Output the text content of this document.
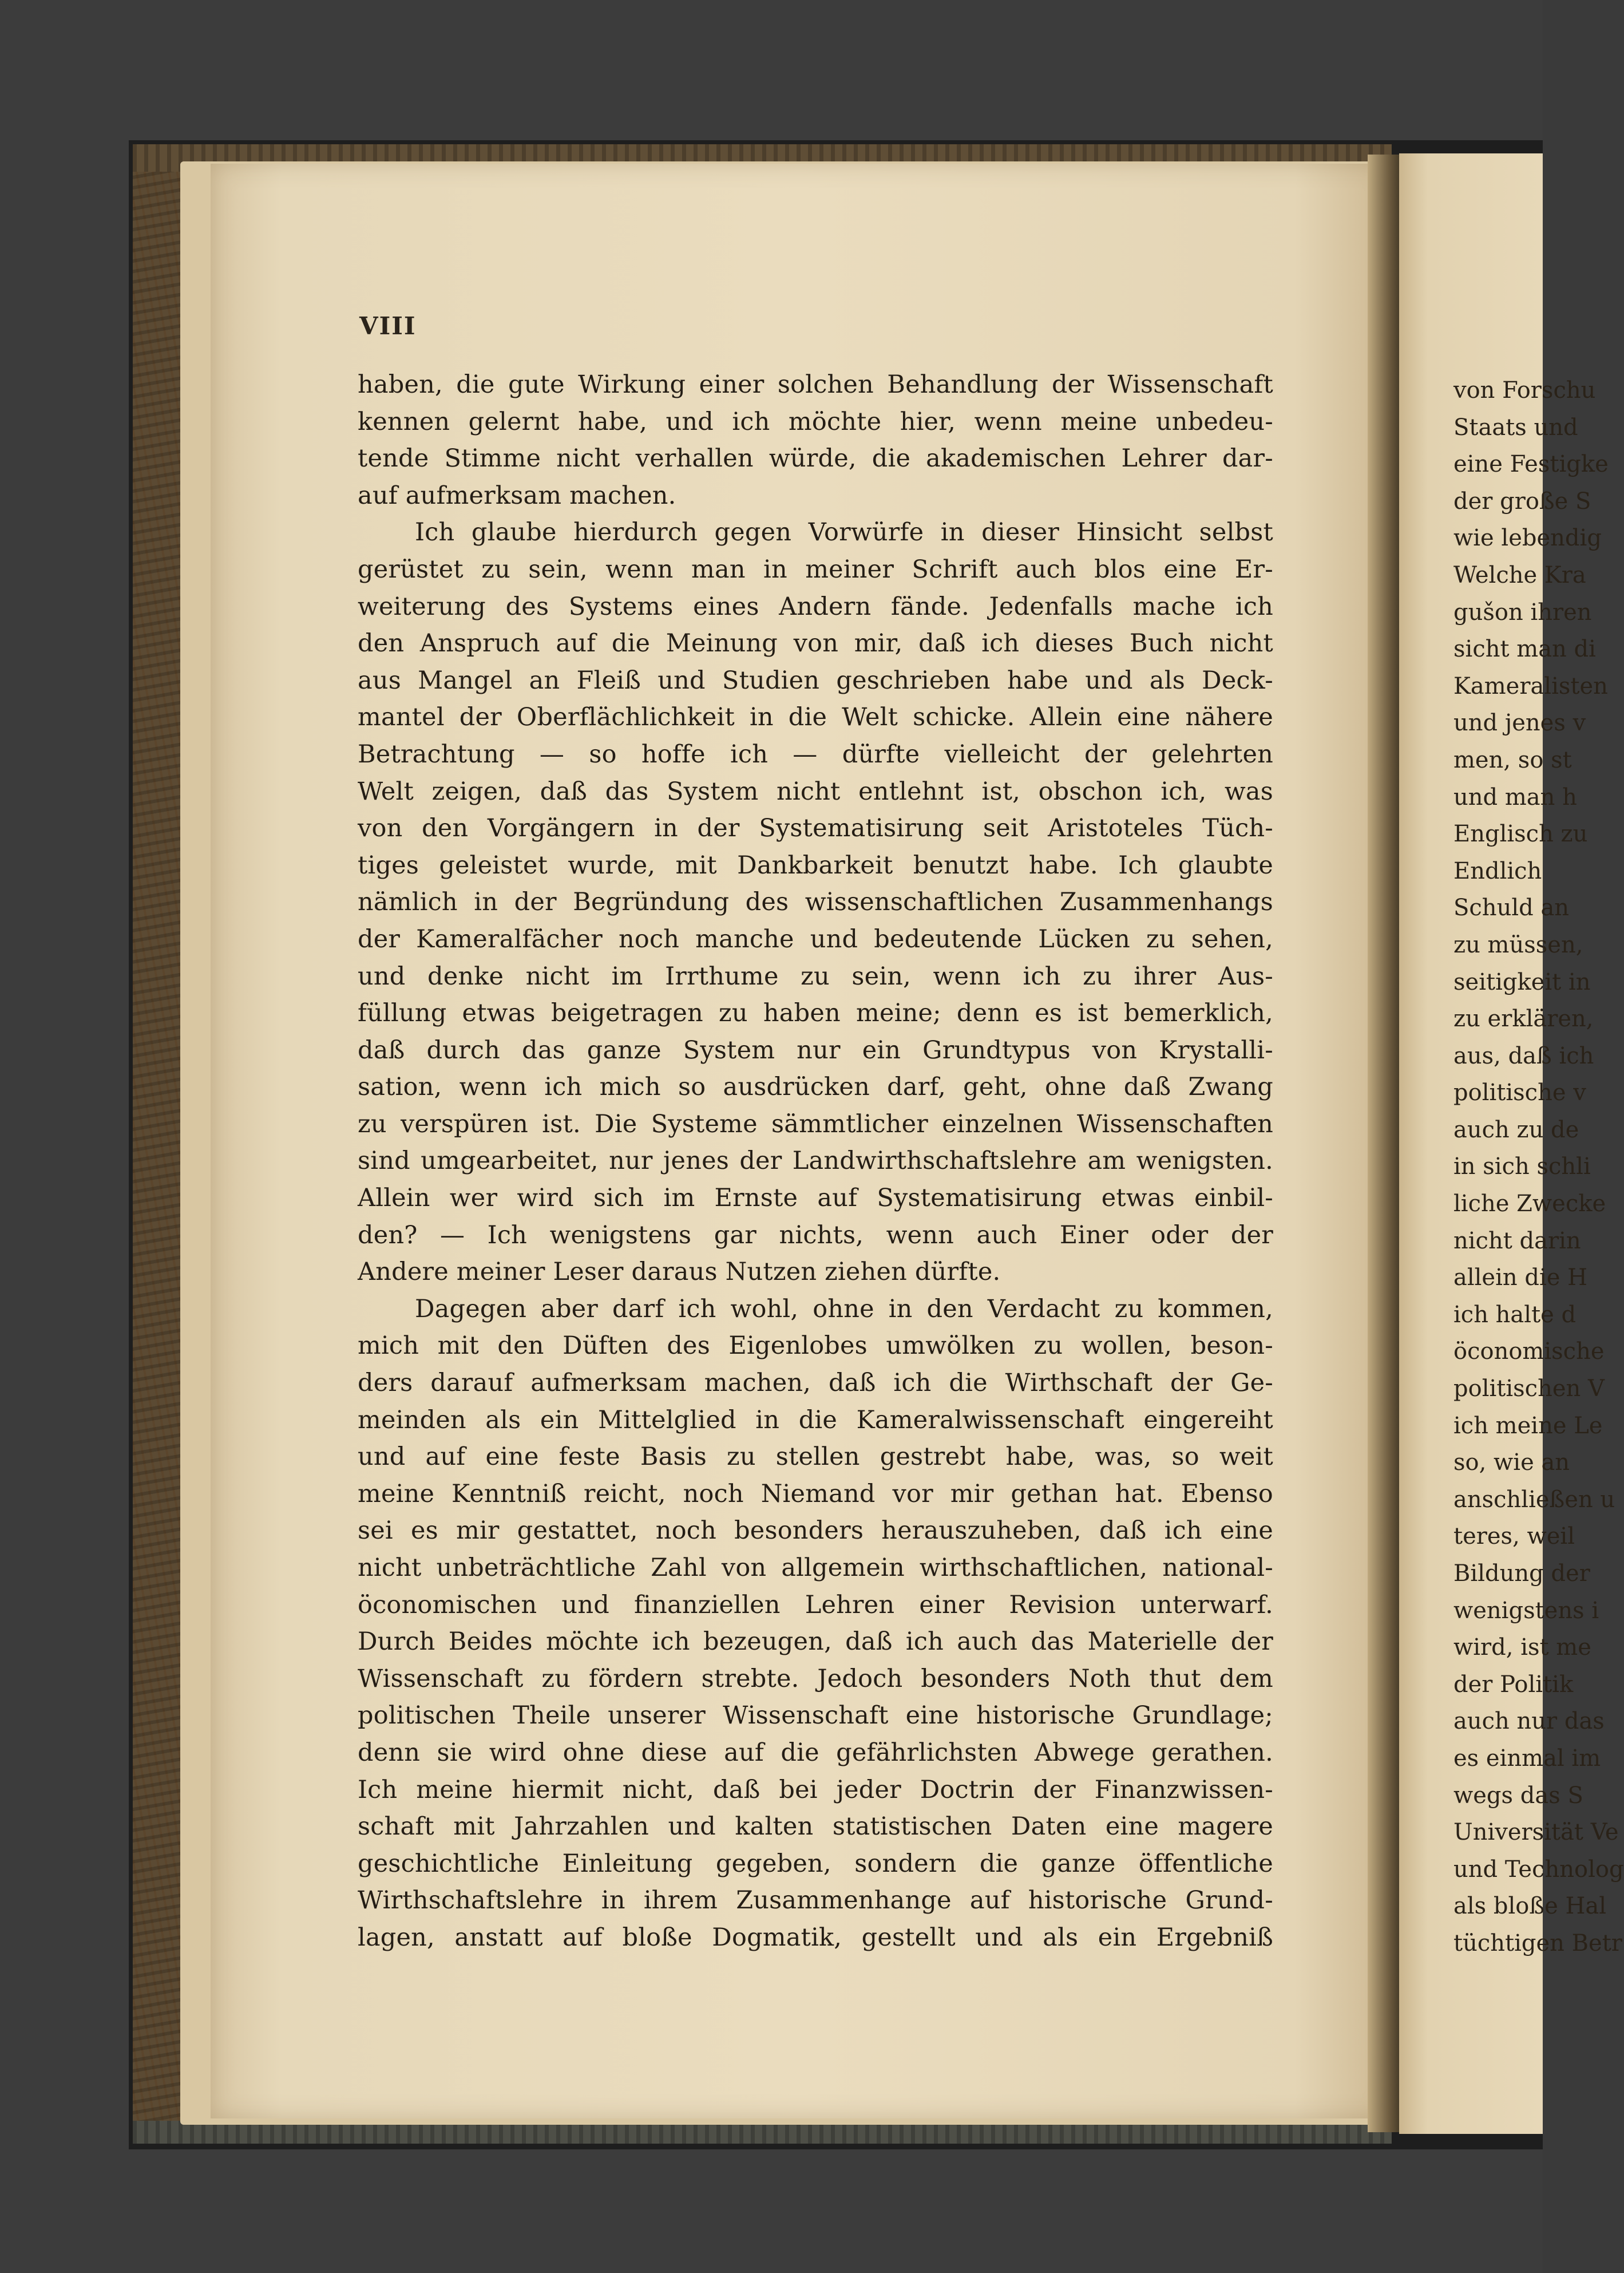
VIII

haben, die gute Wirkung einer solchen Behandlung der Wissenschaft
kennen gelernt habe, und ich möchte hier, wenn meine unbedeu-
tende Stimme nicht verhallen würde, die akademischen Lehrer dar-
auf aufmerksam machen.
Ich glaube hierdurch gegen Vorwürfe in dieser Hinsicht selbst
gerüstet zu sein, wenn man in meiner Schrift auch blos eine Er-
weiterung des Systems eines Andern fände. Jedenfalls mache ich
den Anspruch auf die Meinung von mir, daß ich dieses Buch nicht
aus Mangel an Fleiß und Studien geschrieben habe und als Deck-
mantel der Oberflächlichkeit in die Welt schicke. Allein eine nähere
Betrachtung — so hoffe ich — dürfte vielleicht der gelehrten
Welt zeigen, daß das System nicht entlehnt ist, obschon ich, was
von den Vorgängern in der Systematisirung seit Aristoteles Tüch-
tiges geleistet wurde, mit Dankbarkeit benutzt habe. Ich glaubte
nämlich in der Begründung des wissenschaftlichen Zusammenhangs
der Kameralfächer noch manche und bedeutende Lücken zu sehen,
und denke nicht im Irrthume zu sein, wenn ich zu ihrer Aus-
füllung etwas beigetragen zu haben meine; denn es ist bemerklich,
daß durch das ganze System nur ein Grundtypus von Krystalli-
sation, wenn ich mich so ausdrücken darf, geht, ohne daß Zwang
zu verspüren ist. Die Systeme sämmtlicher einzelnen Wissenschaften
sind umgearbeitet, nur jenes der Landwirthschaftslehre am wenigsten.
Allein wer wird sich im Ernste auf Systematisirung etwas einbil-
den? — Ich wenigstens gar nichts, wenn auch Einer oder der
Andere meiner Leser daraus Nutzen ziehen dürfte.
Dagegen aber darf ich wohl, ohne in den Verdacht zu kommen,
mich mit den Düften des Eigenlobes umwölken zu wollen, beson-
ders darauf aufmerksam machen, daß ich die Wirthschaft der Ge-
meinden als ein Mittelglied in die Kameralwissenschaft eingereiht
und auf eine feste Basis zu stellen gestrebt habe, was, so weit
meine Kenntniß reicht, noch Niemand vor mir gethan hat. Ebenso
sei es mir gestattet, noch besonders herauszuheben, daß ich eine
nicht unbeträchtliche Zahl von allgemein wirthschaftlichen, national-
öconomischen und finanziellen Lehren einer Revision unterwarf.
Durch Beides möchte ich bezeugen, daß ich auch das Materielle der
Wissenschaft zu fördern strebte. Jedoch besonders Noth thut dem
politischen Theile unserer Wissenschaft eine historische Grundlage;
denn sie wird ohne diese auf die gefährlichsten Abwege gerathen.
Ich meine hiermit nicht, daß bei jeder Doctrin der Finanzwissen-
schaft mit Jahrzahlen und kalten statistischen Daten eine magere
geschichtliche Einleitung gegeben, sondern die ganze öffentliche
Wirthschaftslehre in ihrem Zusammenhange auf historische Grund-
lagen, anstatt auf bloße Dogmatik, gestellt und als ein Ergebniß
von Forschu
Staats und
eine Festigke
der große S
wie lebendig
Welche Kra
gušon ihren
sicht man di
Kameralisten
und jenes v
men, so st
und man h
Englisch zu
Endlich
Schuld an
zu müssen,
seitigkeit in
zu erklären,
aus, daß ich
politische v
auch zu de
in sich schli
liche Zwecke
nicht darin
allein die H
ich halte d
öconomische
politischen V
ich meine Le
so, wie an
anschließen u
teres, weil
Bildung der
wenigstens i
wird, ist me
der Politik
auch nur das
es einmal im
wegs das S
Universität Ve
und Technolog
als bloße Hal
tüchtigen Betr
